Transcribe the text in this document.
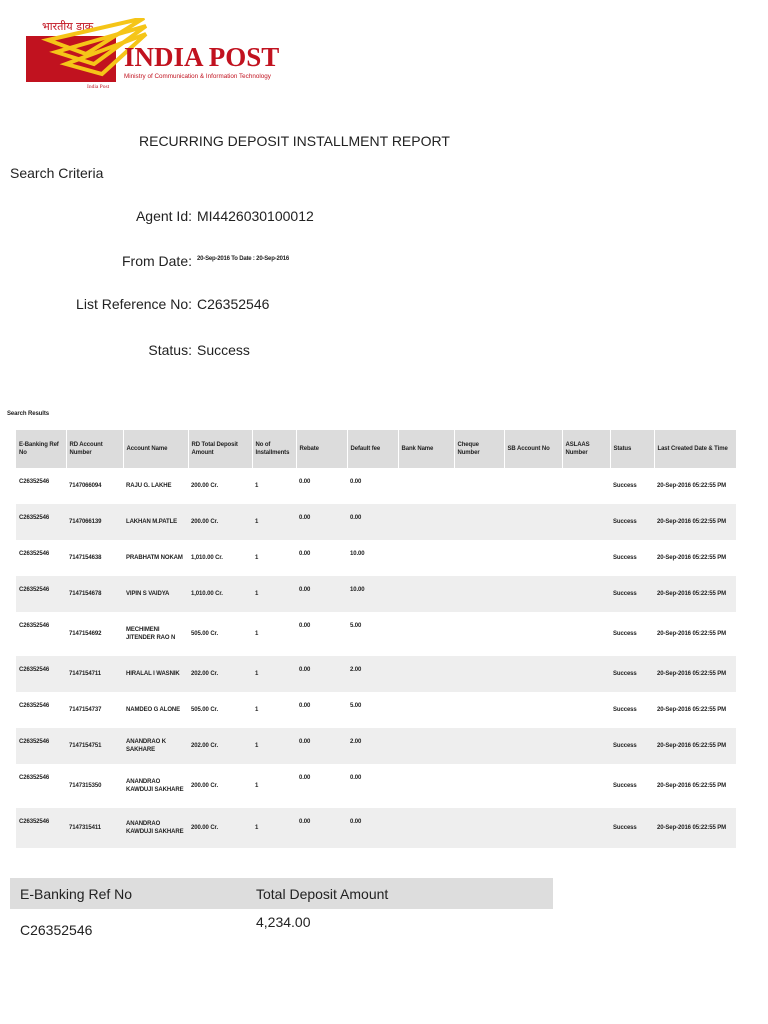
भारतीय डाक
INDIA POST
Ministry of Communication & Information Technology
India Post
RECURRING DEPOSIT INSTALLMENT REPORT
Search Criteria
Agent Id: MI4426030100012
From Date: 20-Sep-2016 To Date : 20-Sep-2016
List Reference No: C26352546
Status: Success
Search Results
E-Banking Ref No	RD Account Number	Account Name	RD Total Deposit Amount	No of Installments	Rebate	Default fee	Bank Name	Cheque Number	SB Account No	ASLAAS Number	Status	Last Created Date & Time
C26352546	7147066094	RAJU G. LAKHE	200.00 Cr.	1	0.00	0.00					Success	20-Sep-2016 05:22:55 PM
C26352546	7147066139	LAKHAN M.PATLE	200.00 Cr.	1	0.00	0.00					Success	20-Sep-2016 05:22:55 PM
C26352546	7147154638	PRABHATM NOKAM	1,010.00 Cr.	1	0.00	10.00					Success	20-Sep-2016 05:22:55 PM
C26352546	7147154678	VIPIN S VAIDYA	1,010.00 Cr.	1	0.00	10.00					Success	20-Sep-2016 05:22:55 PM
C26352546	7147154692	MECHIMENI JITENDER RAO N	505.00 Cr.	1	0.00	5.00					Success	20-Sep-2016 05:22:55 PM
C26352546	7147154711	HIRALAL I WASNIK	202.00 Cr.	1	0.00	2.00					Success	20-Sep-2016 05:22:55 PM
C26352546	7147154737	NAMDEO G ALONE	505.00 Cr.	1	0.00	5.00					Success	20-Sep-2016 05:22:55 PM
C26352546	7147154751	ANANDRAO K SAKHARE	202.00 Cr.	1	0.00	2.00					Success	20-Sep-2016 05:22:55 PM
C26352546	7147315350	ANANDRAO KAWDUJI SAKHARE	200.00 Cr.	1	0.00	0.00					Success	20-Sep-2016 05:22:55 PM
C26352546	7147315411	ANANDRAO KAWDUJI SAKHARE	200.00 Cr.	1	0.00	0.00					Success	20-Sep-2016 05:22:55 PM
E-Banking Ref No	Total Deposit Amount
C26352546	4,234.00
